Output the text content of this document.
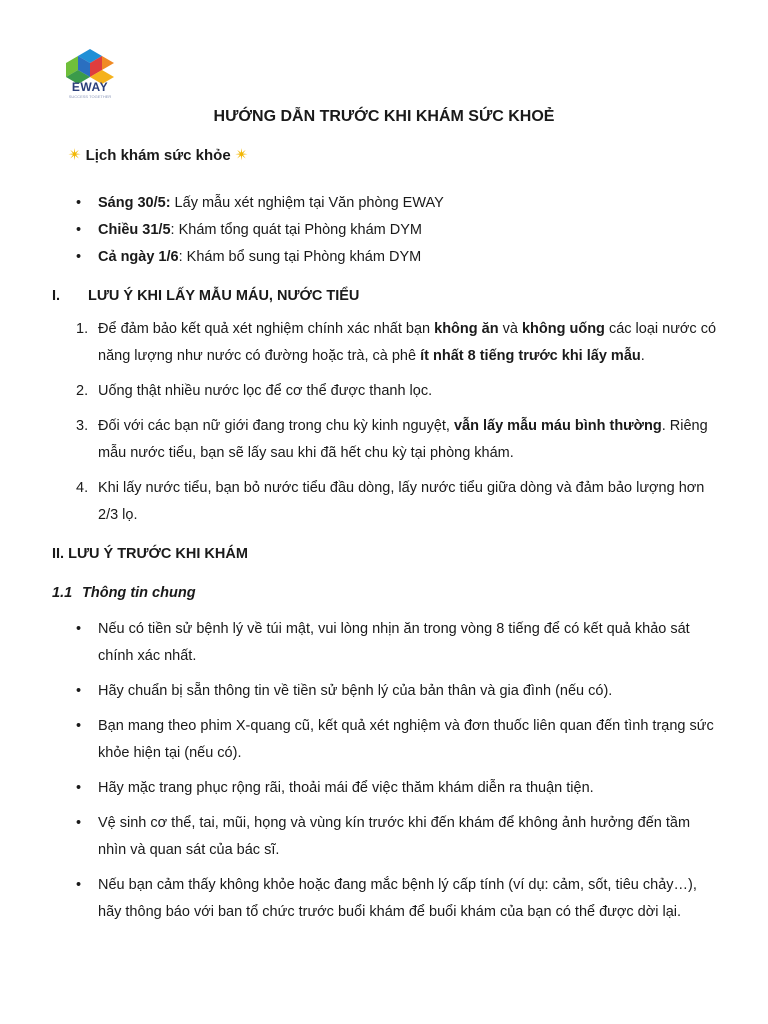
EWAY
SUCCESS TOGETHER
HƯỚNG DẪN TRƯỚC KHI KHÁM SỨC KHOẺ
✴ Lịch khám sức khỏe ✴
• Sáng 30/5: Lấy mẫu xét nghiệm tại Văn phòng EWAY
• Chiều 31/5: Khám tổng quát tại Phòng khám DYM
• Cả ngày 1/6: Khám bổ sung tại Phòng khám DYM
I. LƯU Ý KHI LẤY MẪU MÁU, NƯỚC TIỂU
1. Để đảm bảo kết quả xét nghiệm chính xác nhất bạn không ăn và không uống các loại nước có năng lượng như nước có đường hoặc trà, cà phê ít nhất 8 tiếng trước khi lấy mẫu.
2. Uống thật nhiều nước lọc để cơ thể được thanh lọc.
3. Đối với các bạn nữ giới đang trong chu kỳ kinh nguyệt, vẫn lấy mẫu máu bình thường. Riêng mẫu nước tiểu, bạn sẽ lấy sau khi đã hết chu kỳ tại phòng khám.
4. Khi lấy nước tiểu, bạn bỏ nước tiểu đầu dòng, lấy nước tiểu giữa dòng và đảm bảo lượng hơn 2/3 lọ.
II. LƯU Ý TRƯỚC KHI KHÁM
1.1 Thông tin chung
• Nếu có tiền sử bệnh lý về túi mật, vui lòng nhịn ăn trong vòng 8 tiếng để có kết quả khảo sát chính xác nhất.
• Hãy chuẩn bị sẵn thông tin về tiền sử bệnh lý của bản thân và gia đình (nếu có).
• Bạn mang theo phim X-quang cũ, kết quả xét nghiệm và đơn thuốc liên quan đến tình trạng sức khỏe hiện tại (nếu có).
• Hãy mặc trang phục rộng rãi, thoải mái để việc thăm khám diễn ra thuận tiện.
• Vệ sinh cơ thể, tai, mũi, họng và vùng kín trước khi đến khám để không ảnh hưởng đến tầm nhìn và quan sát của bác sĩ.
• Nếu bạn cảm thấy không khỏe hoặc đang mắc bệnh lý cấp tính (ví dụ: cảm, sốt, tiêu chảy…), hãy thông báo với ban tổ chức trước buổi khám để buổi khám của bạn có thể được dời lại.
